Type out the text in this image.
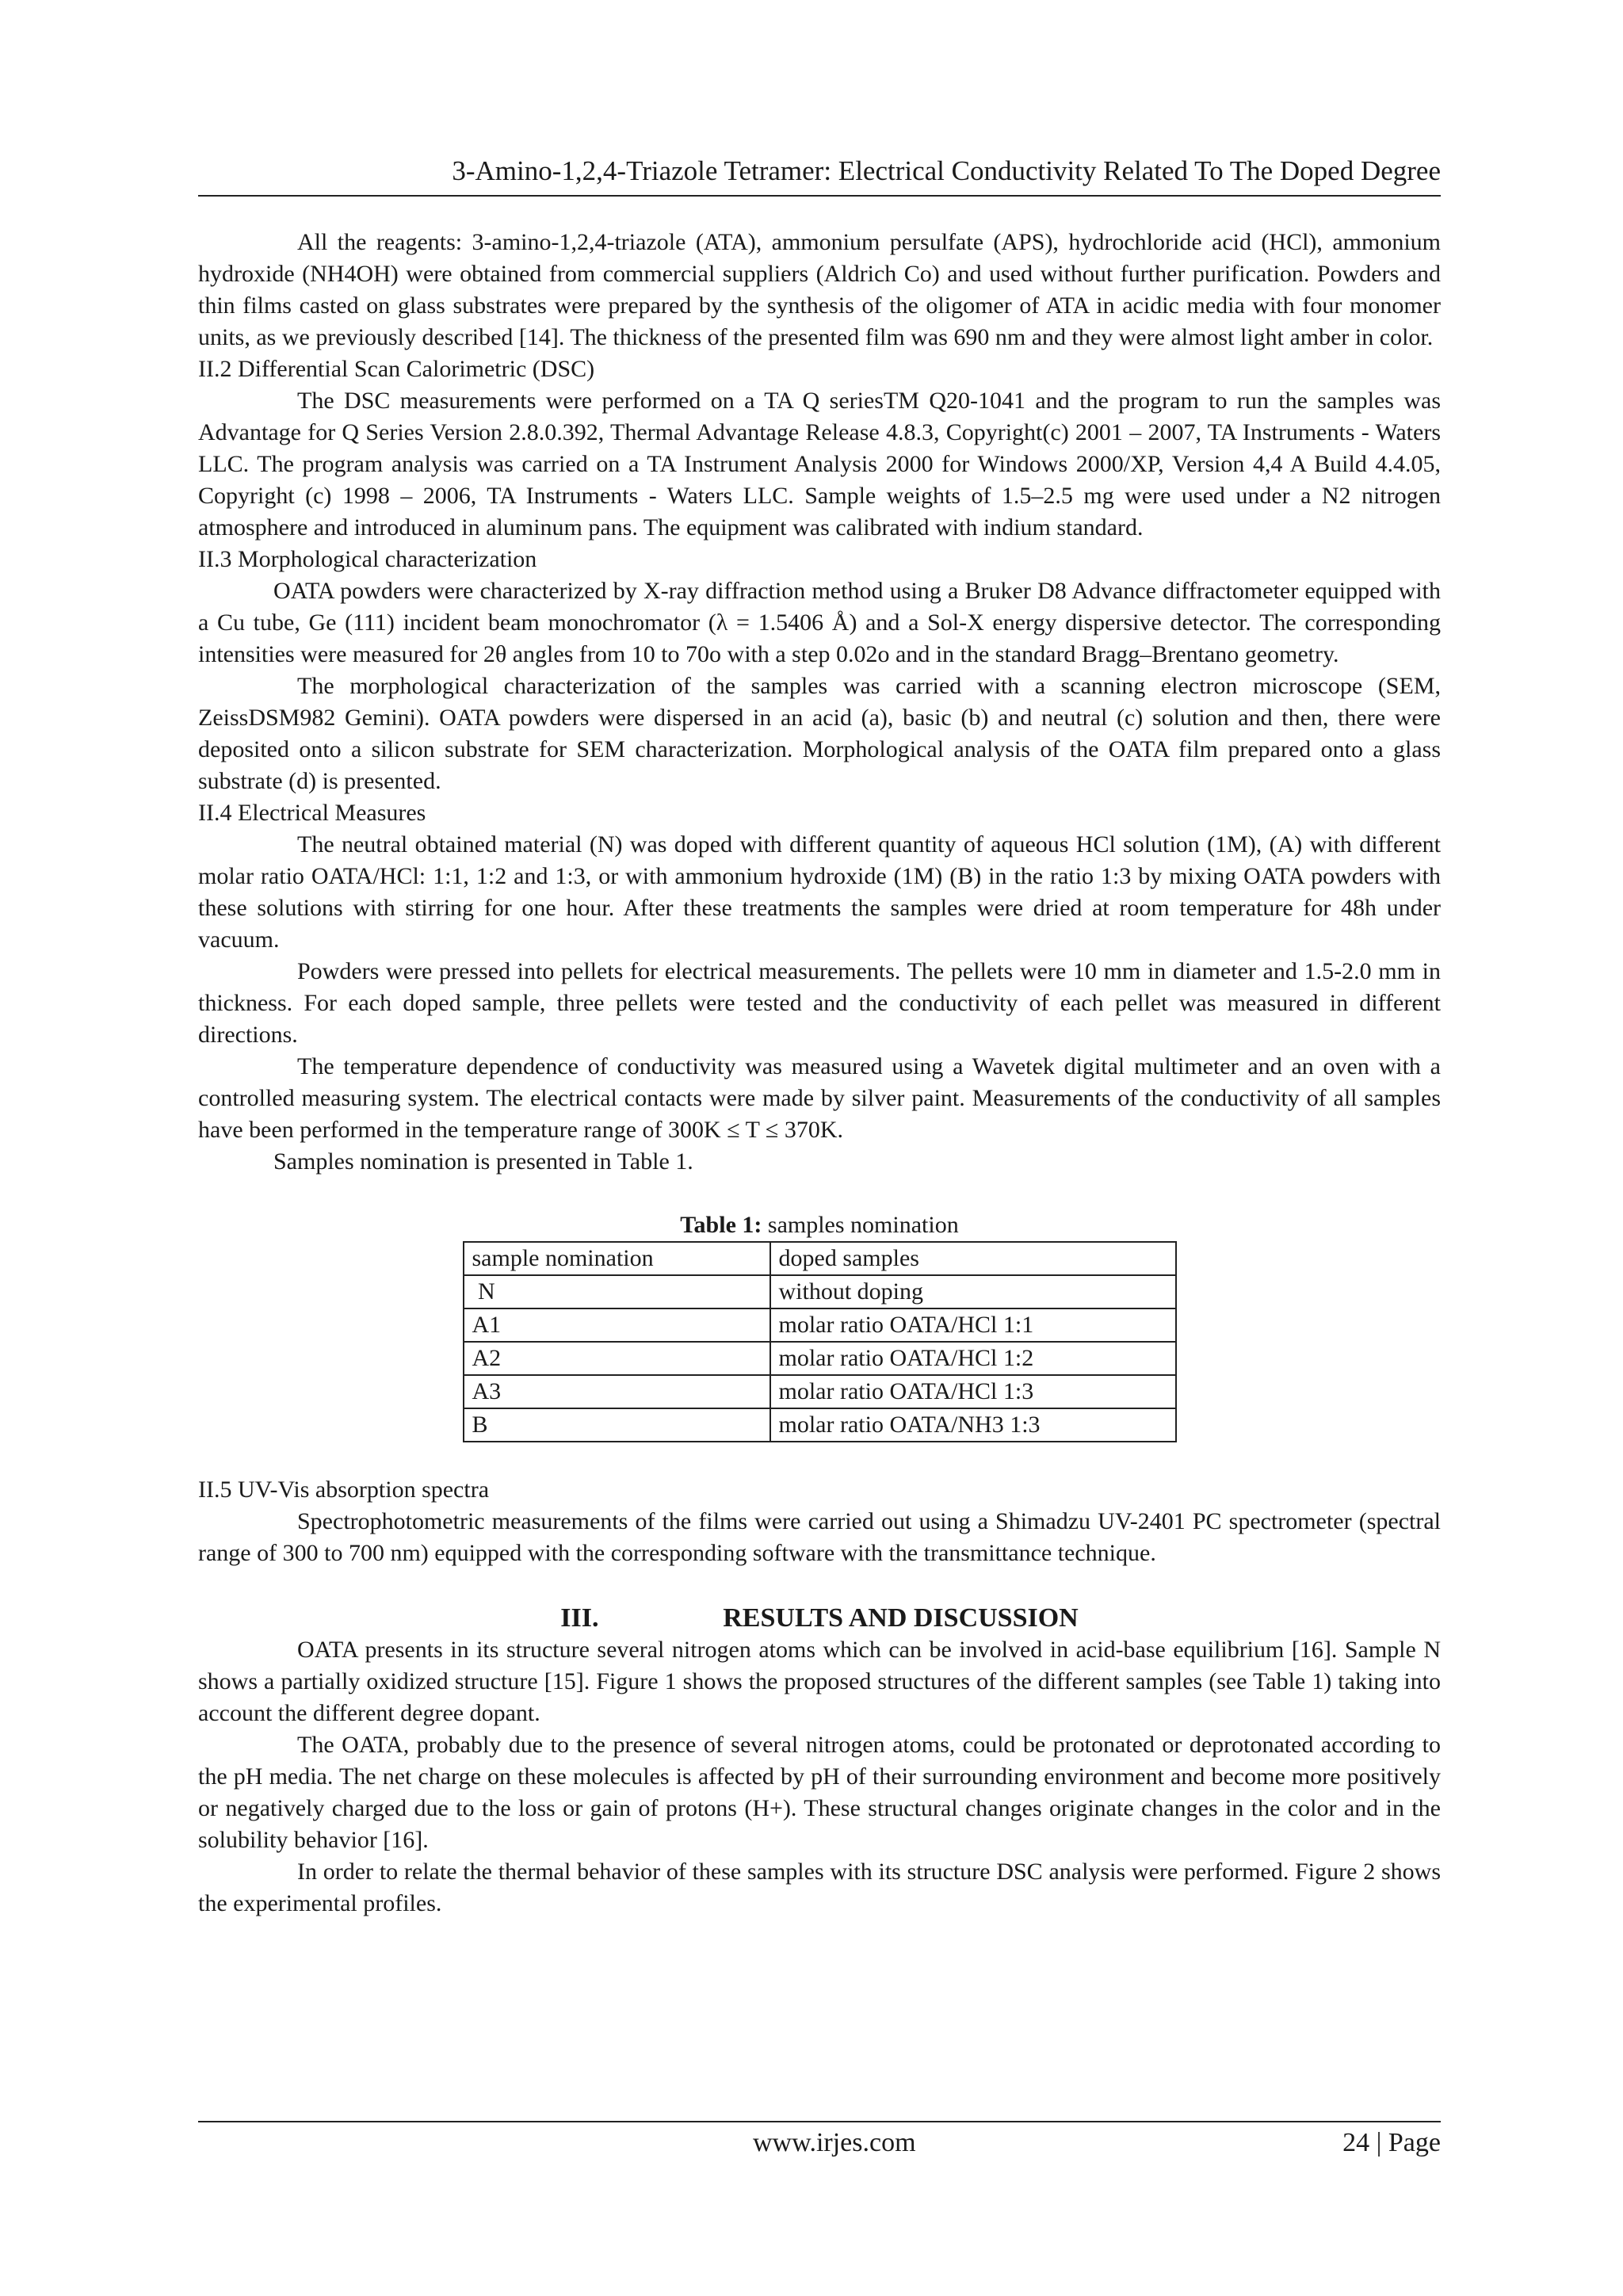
3-Amino-1,2,4-Triazole Tetramer: Electrical Conductivity Related To The Doped Degree

All the reagents: 3-amino-1,2,4-triazole (ATA), ammonium persulfate (APS), hydrochloride acid (HCl), ammonium hydroxide (NH4OH) were obtained from commercial suppliers (Aldrich Co) and used without further purification. Powders and thin films casted on glass substrates were prepared by the synthesis of the oligomer of ATA in acidic media with four monomer units, as we previously described [14]. The thickness of the presented film was 690 nm and they were almost light amber in color.

II.2 Differential Scan Calorimetric (DSC)

The DSC measurements were performed on a TA Q seriesTM Q20-1041 and the program to run the samples was Advantage for Q Series Version 2.8.0.392, Thermal Advantage Release 4.8.3, Copyright(c) 2001 – 2007, TA Instruments - Waters LLC. The program analysis was carried on a TA Instrument Analysis 2000 for Windows 2000/XP, Version 4,4 A Build 4.4.05, Copyright (c) 1998 – 2006, TA Instruments - Waters LLC. Sample weights of 1.5–2.5 mg were used under a N2 nitrogen atmosphere and introduced in aluminum pans. The equipment was calibrated with indium standard.

II.3 Morphological characterization

OATA powders were characterized by X-ray diffraction method using a Bruker D8 Advance diffractometer equipped with a Cu tube, Ge (111) incident beam monochromator (λ = 1.5406 Å) and a Sol-X energy dispersive detector. The corresponding intensities were measured for 2θ angles from 10 to 70o with a step 0.02o and in the standard Bragg–Brentano geometry.

The morphological characterization of the samples was carried with a scanning electron microscope (SEM, ZeissDSM982 Gemini). OATA powders were dispersed in an acid (a), basic (b) and neutral (c) solution and then, there were deposited onto a silicon substrate for SEM characterization. Morphological analysis of the OATA film prepared onto a glass substrate (d) is presented.

II.4 Electrical Measures

The neutral obtained material (N) was doped with different quantity of aqueous HCl solution (1M), (A) with different molar ratio OATA/HCl: 1:1, 1:2 and 1:3, or with ammonium hydroxide (1M) (B) in the ratio 1:3 by mixing OATA powders with these solutions with stirring for one hour. After these treatments the samples were dried at room temperature for 48h under vacuum.

Powders were pressed into pellets for electrical measurements. The pellets were 10 mm in diameter and 1.5-2.0 mm in thickness. For each doped sample, three pellets were tested and the conductivity of each pellet was measured in different directions.

The temperature dependence of conductivity was measured using a Wavetek digital multimeter and an oven with a controlled measuring system. The electrical contacts were made by silver paint. Measurements of the conductivity of all samples have been performed in the temperature range of 300K ≤ T ≤ 370K.

Samples nomination is presented in Table 1.

Table 1: samples nomination
sample nomination	doped samples
N	without doping
A1	molar ratio OATA/HCl 1:1
A2	molar ratio OATA/HCl 1:2
A3	molar ratio OATA/HCl 1:3
B	molar ratio OATA/NH3 1:3
II.5 UV-Vis absorption spectra

Spectrophotometric measurements of the films were carried out using a Shimadzu UV-2401 PC spectrometer (spectral range of 300 to 700 nm) equipped with the corresponding software with the transmittance technique.

III.	RESULTS AND DISCUSSION

OATA presents in its structure several nitrogen atoms which can be involved in acid-base equilibrium [16]. Sample N shows a partially oxidized structure [15]. Figure 1 shows the proposed structures of the different samples (see Table 1) taking into account the different degree dopant.

The OATA, probably due to the presence of several nitrogen atoms, could be protonated or deprotonated according to the pH media. The net charge on these molecules is affected by pH of their surrounding environment and become more positively or negatively charged due to the loss or gain of protons (H+). These structural changes originate changes in the color and in the solubility behavior [16].

In order to relate the thermal behavior of these samples with its structure DSC analysis were performed. Figure 2 shows the experimental profiles.

www.irjes.com	24 | Page
